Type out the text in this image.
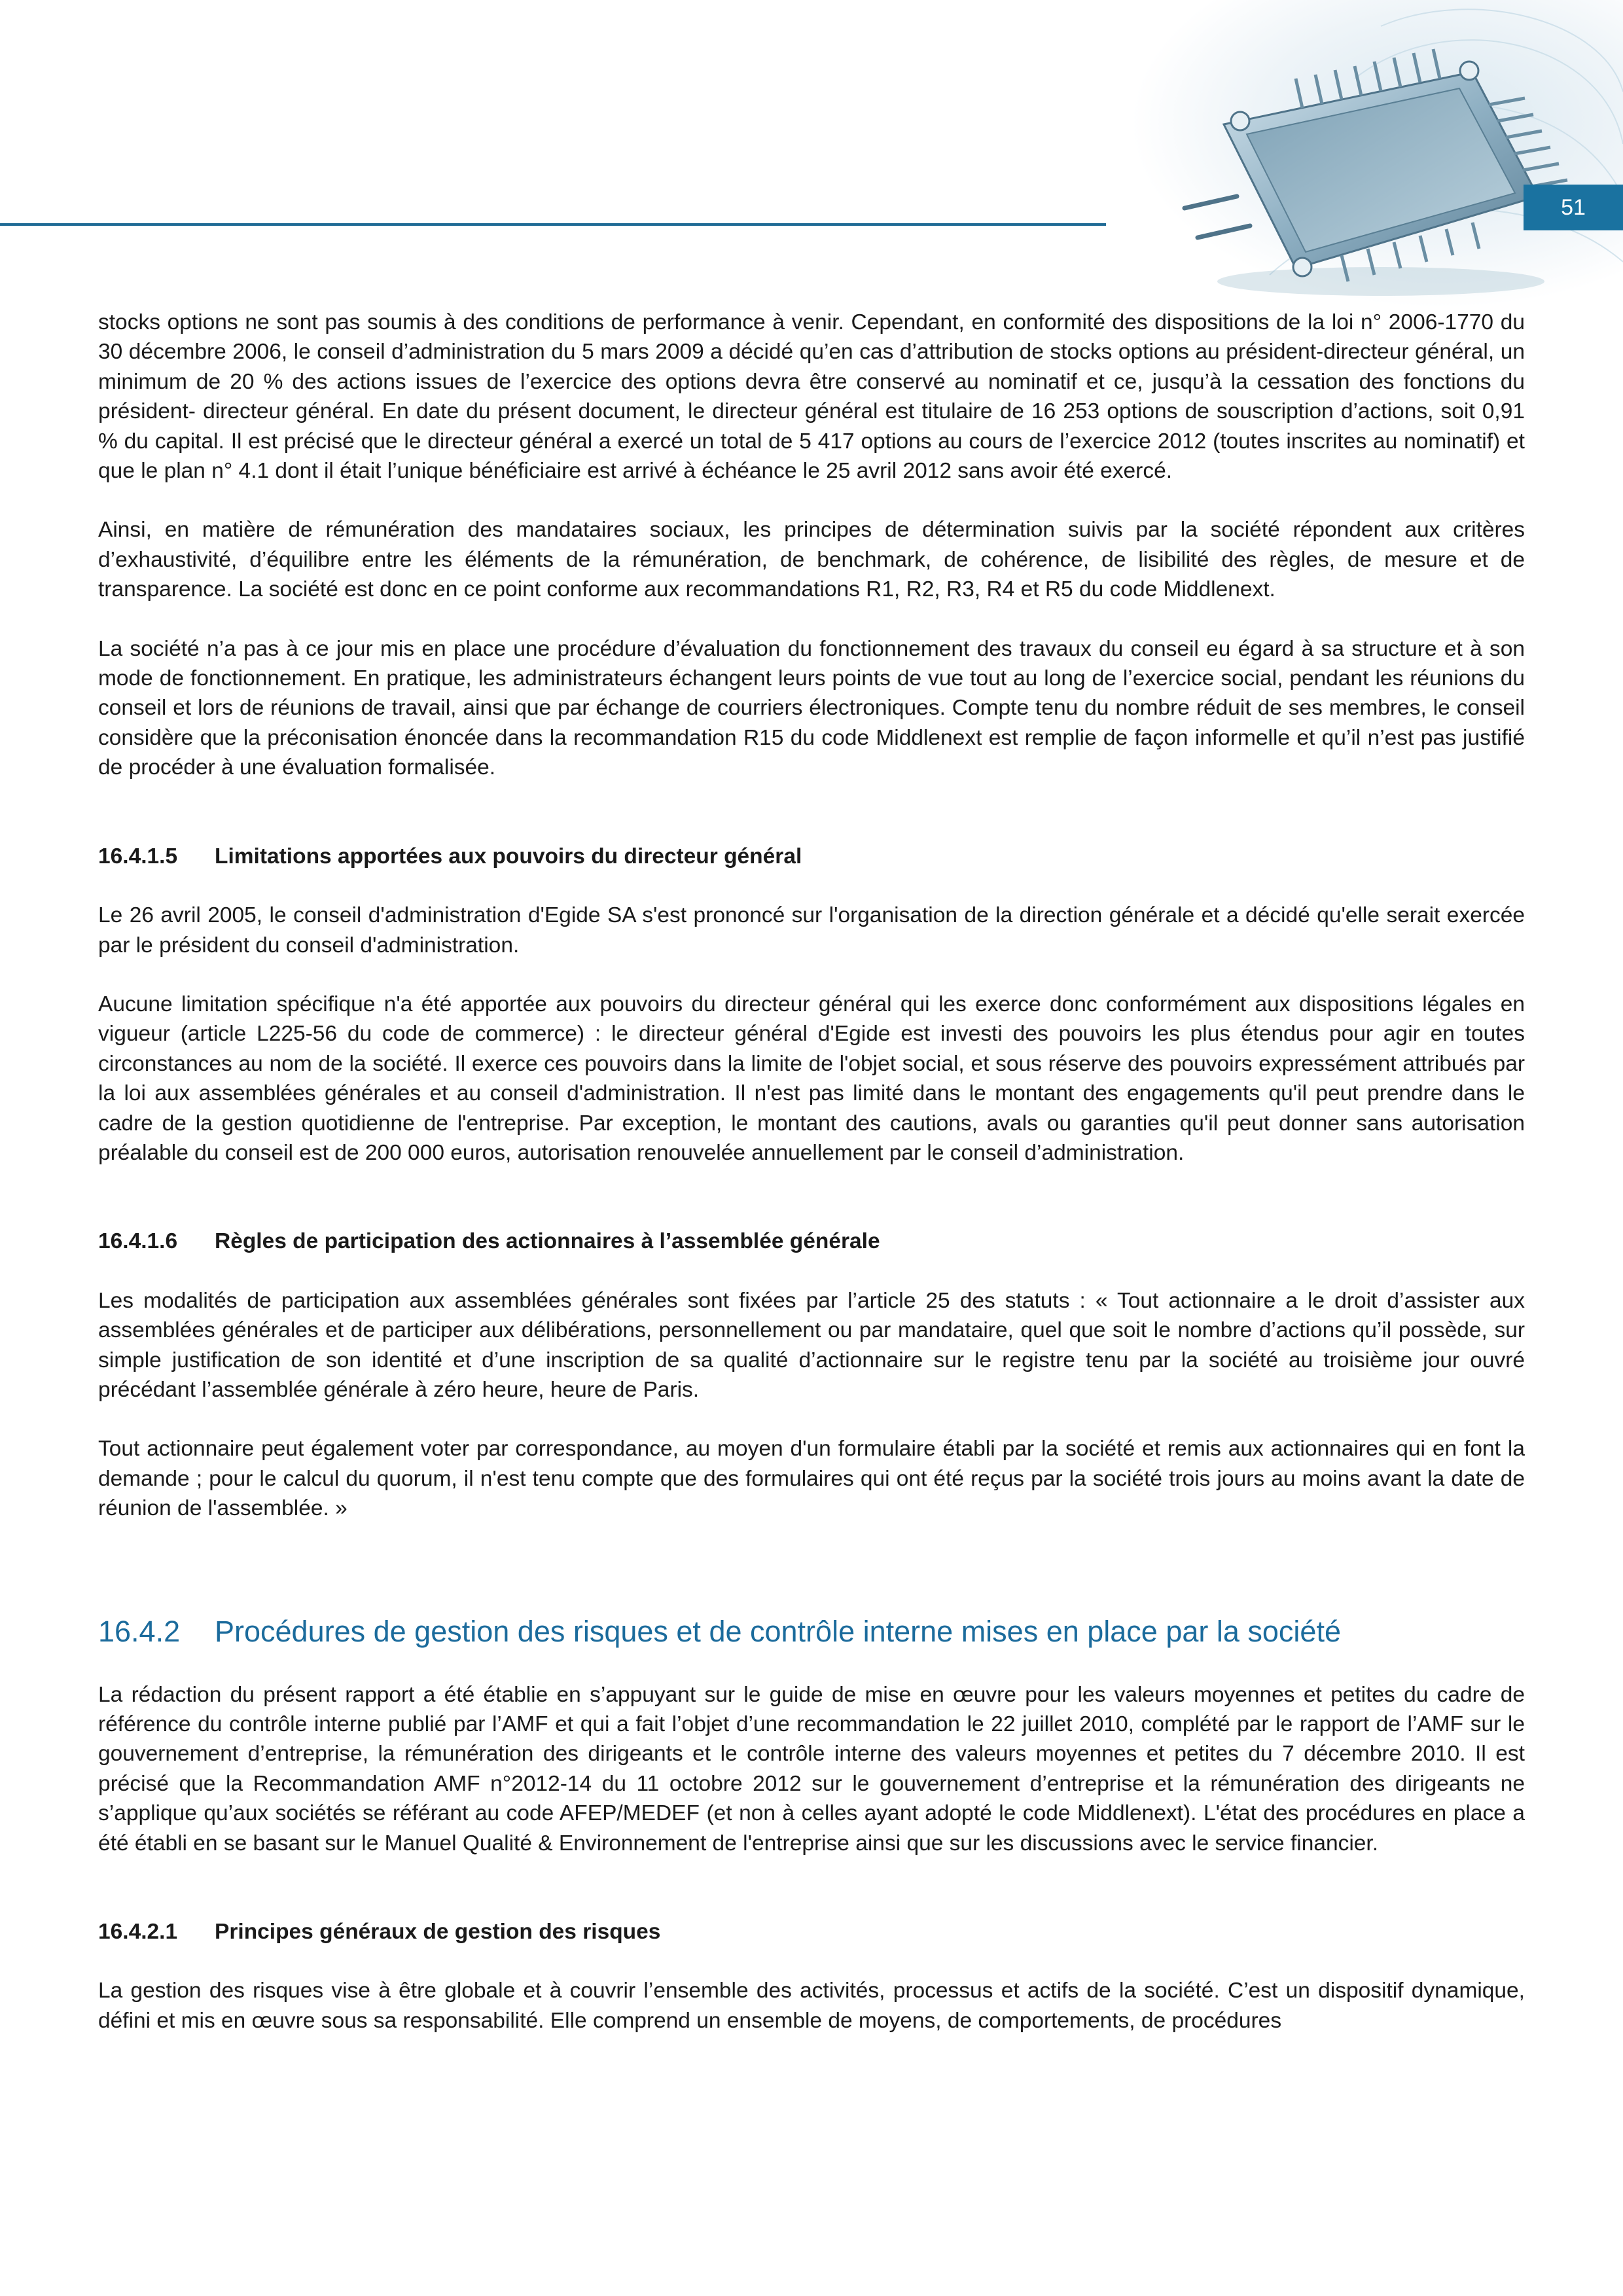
51

stocks options ne sont pas soumis à des conditions de performance à venir. Cependant, en conformité des dispositions de la loi n° 2006-1770 du 30 décembre 2006, le conseil d’administration du 5 mars 2009 a décidé qu’en cas d’attribution de stocks options au président-directeur général, un minimum de 20 % des actions issues de l’exercice des options devra être conservé au nominatif et ce, jusqu’à la cessation des fonctions du président- directeur général. En date du présent document, le directeur général est titulaire de 16 253 options de souscription d’actions, soit 0,91 % du capital. Il est précisé que le directeur général a exercé un total de 5 417 options au cours de l’exercice 2012 (toutes inscrites au nominatif) et que le plan n° 4.1 dont il était l’unique bénéficiaire est arrivé à échéance le 25 avril 2012 sans avoir été exercé.

Ainsi, en matière de rémunération des mandataires sociaux, les principes de détermination suivis par la société répondent aux critères d’exhaustivité, d’équilibre entre les éléments de la rémunération, de benchmark, de cohérence, de lisibilité des règles, de mesure et de transparence. La société est donc en ce point conforme aux recommandations R1, R2, R3, R4 et R5 du code Middlenext.

La société n’a pas à ce jour mis en place une procédure d’évaluation du fonctionnement des travaux du conseil eu égard à sa structure et à son mode de fonctionnement. En pratique, les administrateurs échangent leurs points de vue tout au long de l’exercice social, pendant les réunions du conseil et lors de réunions de travail, ainsi que par échange de courriers électroniques. Compte tenu du nombre réduit de ses membres, le conseil considère que la préconisation énoncée dans la recommandation R15 du code Middlenext est remplie de façon informelle et qu’il n’est pas justifié de procéder à une évaluation formalisée.

16.4.1.5 Limitations apportées aux pouvoirs du directeur général

Le 26 avril 2005, le conseil d'administration d'Egide SA s'est prononcé sur l'organisation de la direction générale et a décidé qu'elle serait exercée par le président du conseil d'administration.

Aucune limitation spécifique n'a été apportée aux pouvoirs du directeur général qui les exerce donc conformément aux dispositions légales en vigueur (article L225-56 du code de commerce) : le directeur général d'Egide est investi des pouvoirs les plus étendus pour agir en toutes circonstances au nom de la société. Il exerce ces pouvoirs dans la limite de l'objet social, et sous réserve des pouvoirs expressément attribués par la loi aux assemblées générales et au conseil d'administration. Il n'est pas limité dans le montant des engagements qu'il peut prendre dans le cadre de la gestion quotidienne de l'entreprise. Par exception, le montant des cautions, avals ou garanties qu'il peut donner sans autorisation préalable du conseil est de 200 000 euros, autorisation renouvelée annuellement par le conseil d’administration.

16.4.1.6 Règles de participation des actionnaires à l’assemblée générale

Les modalités de participation aux assemblées générales sont fixées par l’article 25 des statuts : « Tout actionnaire a le droit d’assister aux assemblées générales et de participer aux délibérations, personnellement ou par mandataire, quel que soit le nombre d’actions qu’il possède, sur simple justification de son identité et d’une inscription de sa qualité d’actionnaire sur le registre tenu par la société au troisième jour ouvré précédant l’assemblée générale à zéro heure, heure de Paris.

Tout actionnaire peut également voter par correspondance, au moyen d'un formulaire établi par la société et remis aux actionnaires qui en font la demande ; pour le calcul du quorum, il n'est tenu compte que des formulaires qui ont été reçus par la société trois jours au moins avant la date de réunion de l'assemblée. »

16.4.2 Procédures de gestion des risques et de contrôle interne mises en place par la société

La rédaction du présent rapport a été établie en s’appuyant sur le guide de mise en œuvre pour les valeurs moyennes et petites du cadre de référence du contrôle interne publié par l’AMF et qui a fait l’objet d’une recommandation le 22 juillet 2010, complété par le rapport de l’AMF sur le gouvernement d’entreprise, la rémunération des dirigeants et le contrôle interne des valeurs moyennes et petites du 7 décembre 2010. Il est précisé que la Recommandation AMF n°2012-14 du 11 octobre 2012 sur le gouvernement d’entreprise et la rémunération des dirigeants ne s’applique qu’aux sociétés se référant au code AFEP/MEDEF (et non à celles ayant adopté le code Middlenext). L'état des procédures en place a été établi en se basant sur le Manuel Qualité & Environnement de l'entreprise ainsi que sur les discussions avec le service financier.

16.4.2.1 Principes généraux de gestion des risques

La gestion des risques vise à être globale et à couvrir l’ensemble des activités, processus et actifs de la société. C’est un dispositif dynamique, défini et mis en œuvre sous sa responsabilité. Elle comprend un ensemble de moyens, de comportements, de procédures
